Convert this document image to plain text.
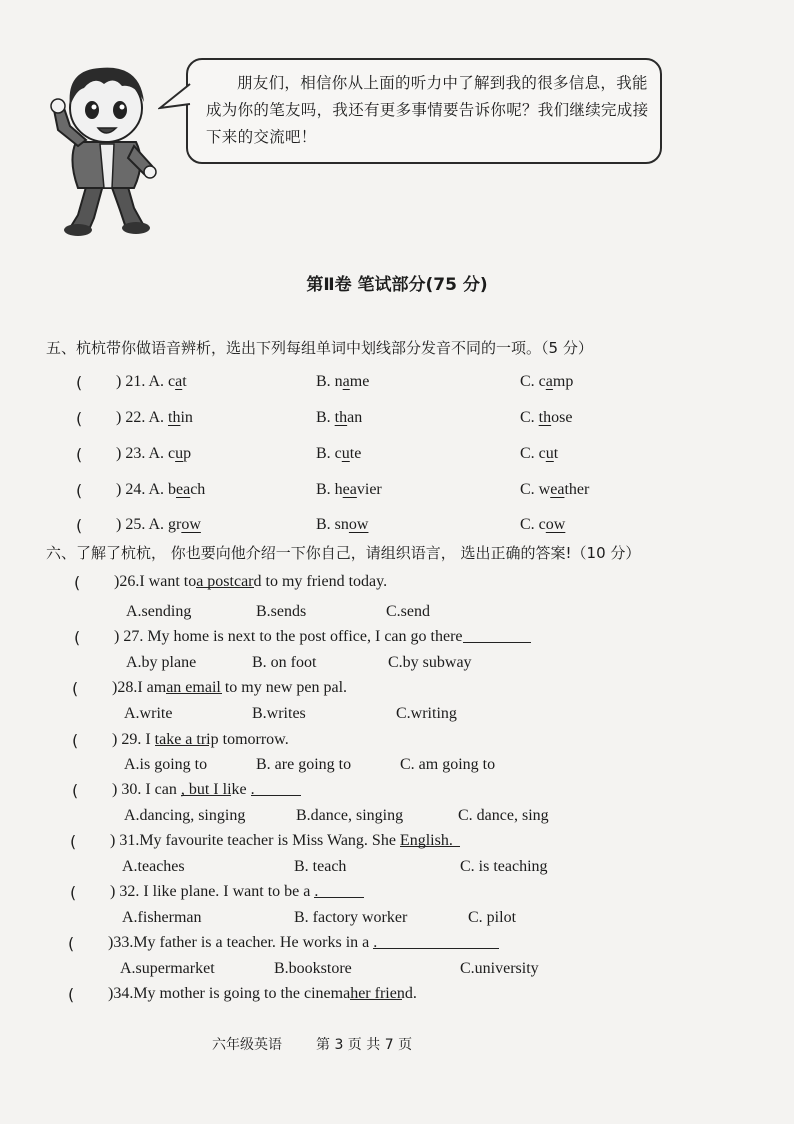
朋友们，相信你从上面的听力中了解到我的很多信息，我能成为你的笔友吗，我还有更多事情要告诉你呢？我们继续完成接下来的交流吧！
第Ⅱ卷 笔试部分(75 分)
五、杭杭带你做语音辨析，选出下列每组单词中划线部分发音不同的一项。（5 分）
( ) 21. A. cat	B. name	C. camp
( ) 22. A. thin	B. than	C. those
( ) 23. A. cup	B. cute	C. cut
( ) 24. A. beach	B. heavier	C. weather
( ) 25. A. grow	B. snow	C. cow
六、了解了杭杭， 你也要向他介绍一下你自己，请组织语言， 选出正确的答案!（10 分）
( )26.I want to
a postcard to my friend today.
A.sending	B.sends	C.send
( ) 27. My home is next to the post office, I can go there
A.by plane	B. on foot	C.by subway
( )28.I am
an email to my new pen pal.
A.write	B.writes	C.writing
( ) 29. I take a trip tomorrow.
A.is going to	B. are going to	C. am going to
( ) 30. I can , but I like .
A.dancing, singing	B.dance, singing	C. dance, sing
( ) 31.My favourite teacher is Miss Wang. She English.
A.teaches	B. teach	C. is teaching
( ) 32. I like plane. I want to be a .
A.fisherman	B. factory worker	C. pilot
( )33.My father is a teacher. He works in a .
A.supermarket	B.bookstore	C.university
( )34.My mother is going to the cinema
her friend.
六年级英语 第 3 页 共 7 页
